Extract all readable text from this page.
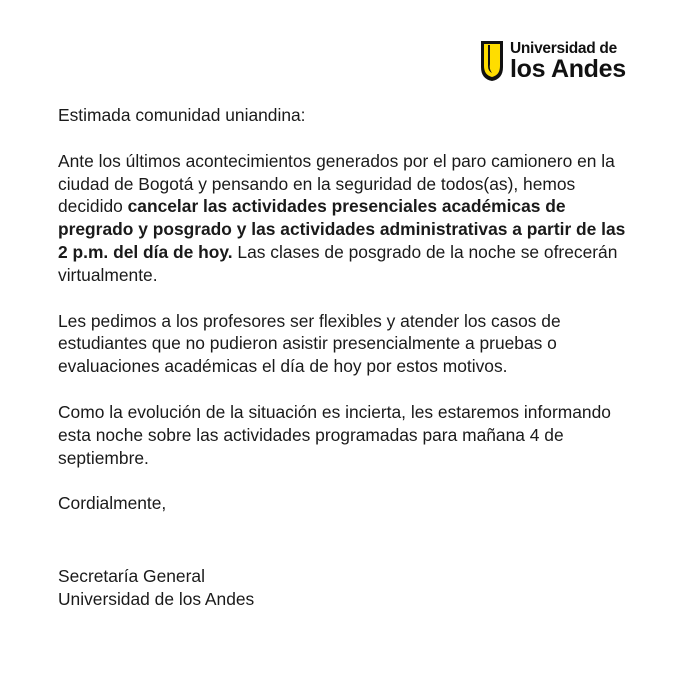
Universidad de
los Andes

Estimada comunidad uniandina:

Ante los últimos acontecimientos generados por el paro camionero en la ciudad de Bogotá y pensando en la seguridad de todos(as), hemos decidido cancelar las actividades presenciales académicas de pregrado y posgrado y las actividades administrativas a partir de las 2 p.m. del día de hoy. Las clases de posgrado de la noche se ofrecerán virtualmente.

Les pedimos a los profesores ser flexibles y atender los casos de estudiantes que no pudieron asistir presencialmente a pruebas o evaluaciones académicas el día de hoy por estos motivos.

Como la evolución de la situación es incierta, les estaremos informando esta noche sobre las actividades programadas para mañana 4 de septiembre.

Cordialmente,

Secretaría General
Universidad de los Andes
